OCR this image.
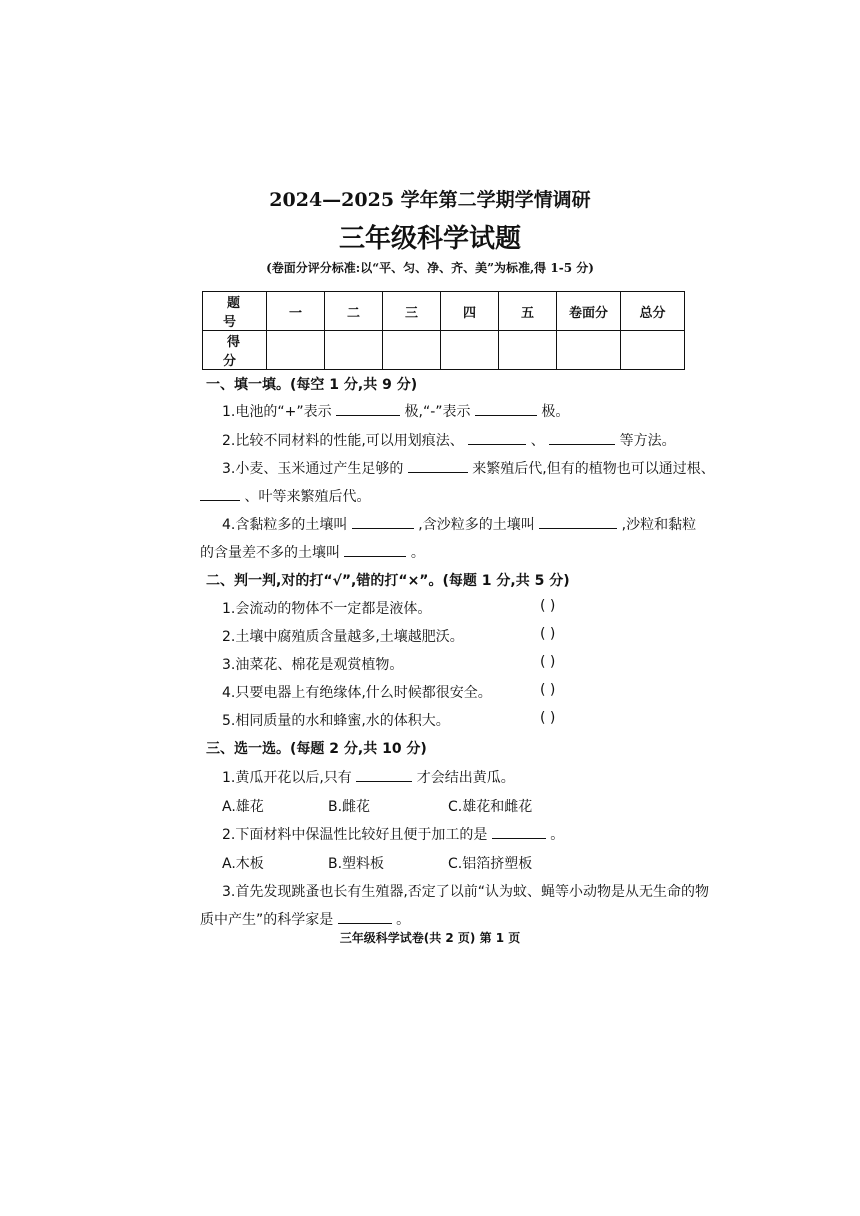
2024—2025 学年第二学期学情调研
三年级科学试题
(卷面分评分标准:以“平、匀、净、齐、美”为标准,得 1-5 分)
题 号	一	二	三	四	五	卷面分	总分
得 分							
一、填一填。(每空 1 分,共 9 分)
1.电池的“+”表示	极,“-”表示	极。
2.比较不同材料的性能,可以用划痕法、	、	等方法。
3.小麦、玉米通过产生足够的	来繁殖后代,但有的植物也可以通过根、
、叶等来繁殖后代。
4.含黏粒多的土壤叫	,含沙粒多的土壤叫	,沙粒和黏粒
的含量差不多的土壤叫	。
二、判一判,对的打“√”,错的打“×”。(每题 1 分,共 5 分)
1.会流动的物体不一定都是液体。	( )
2.土壤中腐殖质含量越多,土壤越肥沃。	( )
3.油菜花、棉花是观赏植物。	( )
4.只要电器上有绝缘体,什么时候都很安全。	( )
5.相同质量的水和蜂蜜,水的体积大。	( )
三、选一选。(每题 2 分,共 10 分)
1.黄瓜开花以后,只有	才会结出黄瓜。
A.雄花	B.雌花	C.雄花和雌花
2.下面材料中保温性比较好且便于加工的是	。
A.木板	B.塑料板	C.铝箔挤塑板
3.首先发现跳蚤也长有生殖器,否定了以前“认为蚊、蝇等小动物是从无生命的物
质中产生”的科学家是	。
三年级科学试卷(共 2 页) 第 1 页
